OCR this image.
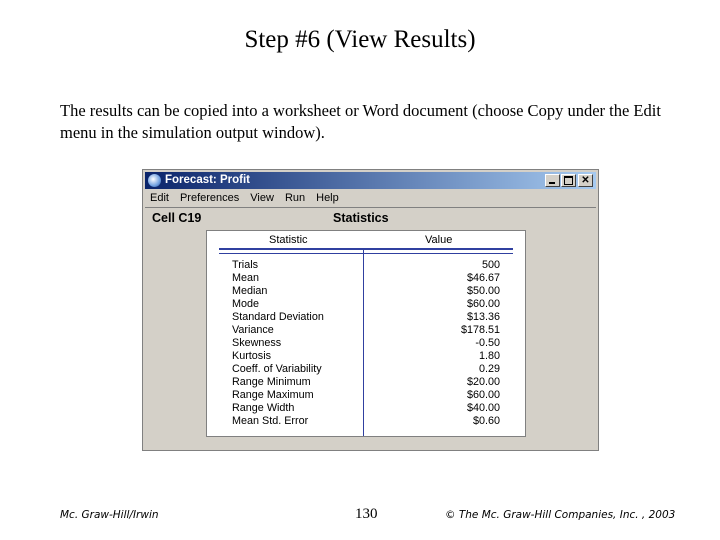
Step #6 (View Results)
The results can be copied into a worksheet or Word document (choose Copy under the Edit menu in the simulation output window).
Forecast: Profit	✕
Edit Preferences View Run Help
Cell C19	Statistics
Statistic	Value
Trials	500
Mean	$46.67
Median	$50.00
Mode	$60.00
Standard Deviation	$13.36
Variance	$178.51
Skewness	-0.50
Kurtosis	1.80
Coeff. of Variability	0.29
Range Minimum	$20.00
Range Maximum	$60.00
Range Width	$40.00
Mean Std. Error	$0.60
Mc. Graw-Hill/Irwin	130	© The Mc. Graw-Hill Companies, Inc. , 2003
